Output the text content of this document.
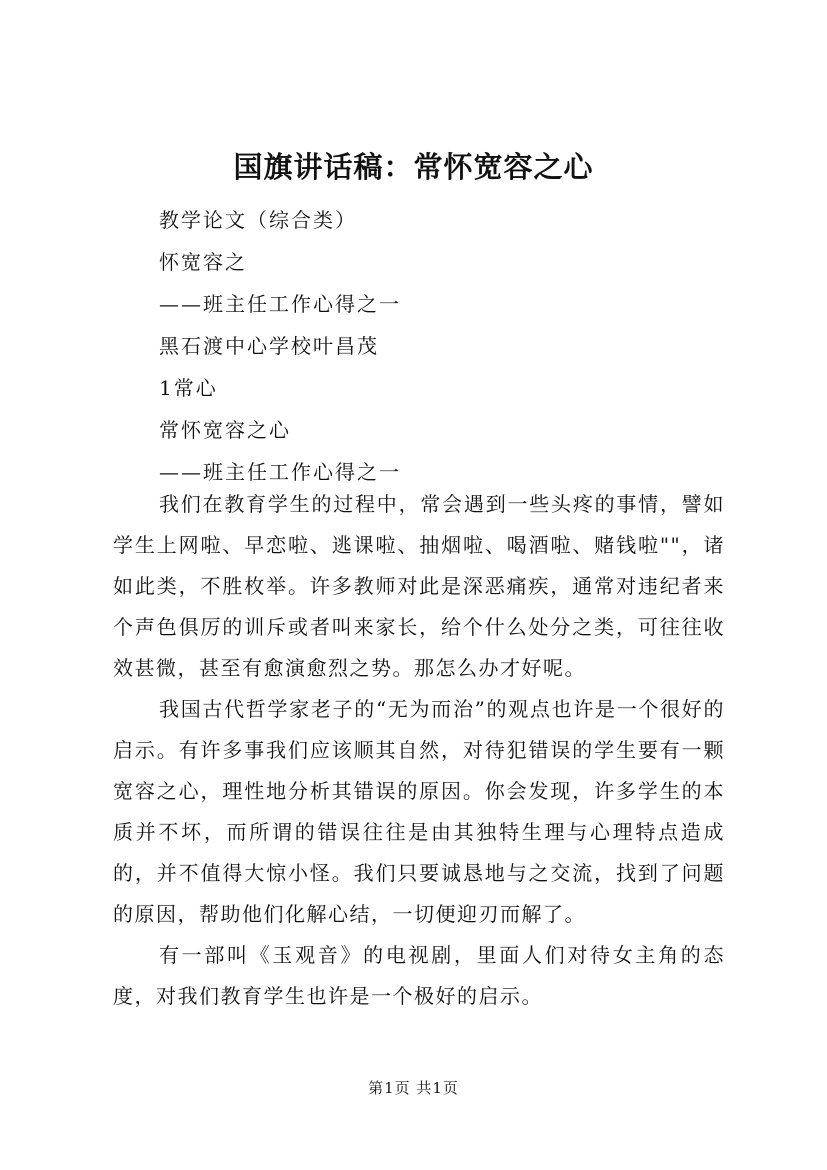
国旗讲话稿：常怀宽容之心

教学论文（综合类）

怀宽容之

——班主任工作心得之一

黑石渡中心学校叶昌茂

1常心

常怀宽容之心

——班主任工作心得之一

我们在教育学生的过程中，常会遇到一些头疼的事情，譬如学生上网啦、早恋啦、逃课啦、抽烟啦、喝酒啦、赌钱啦""，诸如此类，不胜枚举。许多教师对此是深恶痛疾，通常对违纪者来个声色俱厉的训斥或者叫来家长，给个什么处分之类，可往往收效甚微，甚至有愈演愈烈之势。那怎么办才好呢。

我国古代哲学家老子的“无为而治”的观点也许是一个很好的启示。有许多事我们应该顺其自然，对待犯错误的学生要有一颗宽容之心，理性地分析其错误的原因。你会发现，许多学生的本质并不坏，而所谓的错误往往是由其独特生理与心理特点造成的，并不值得大惊小怪。我们只要诚恳地与之交流，找到了问题的原因，帮助他们化解心结，一切便迎刃而解了。

有一部叫《玉观音》的电视剧，里面人们对待女主角的态度，对我们教育学生也许是一个极好的启示。

第1页 共1页
